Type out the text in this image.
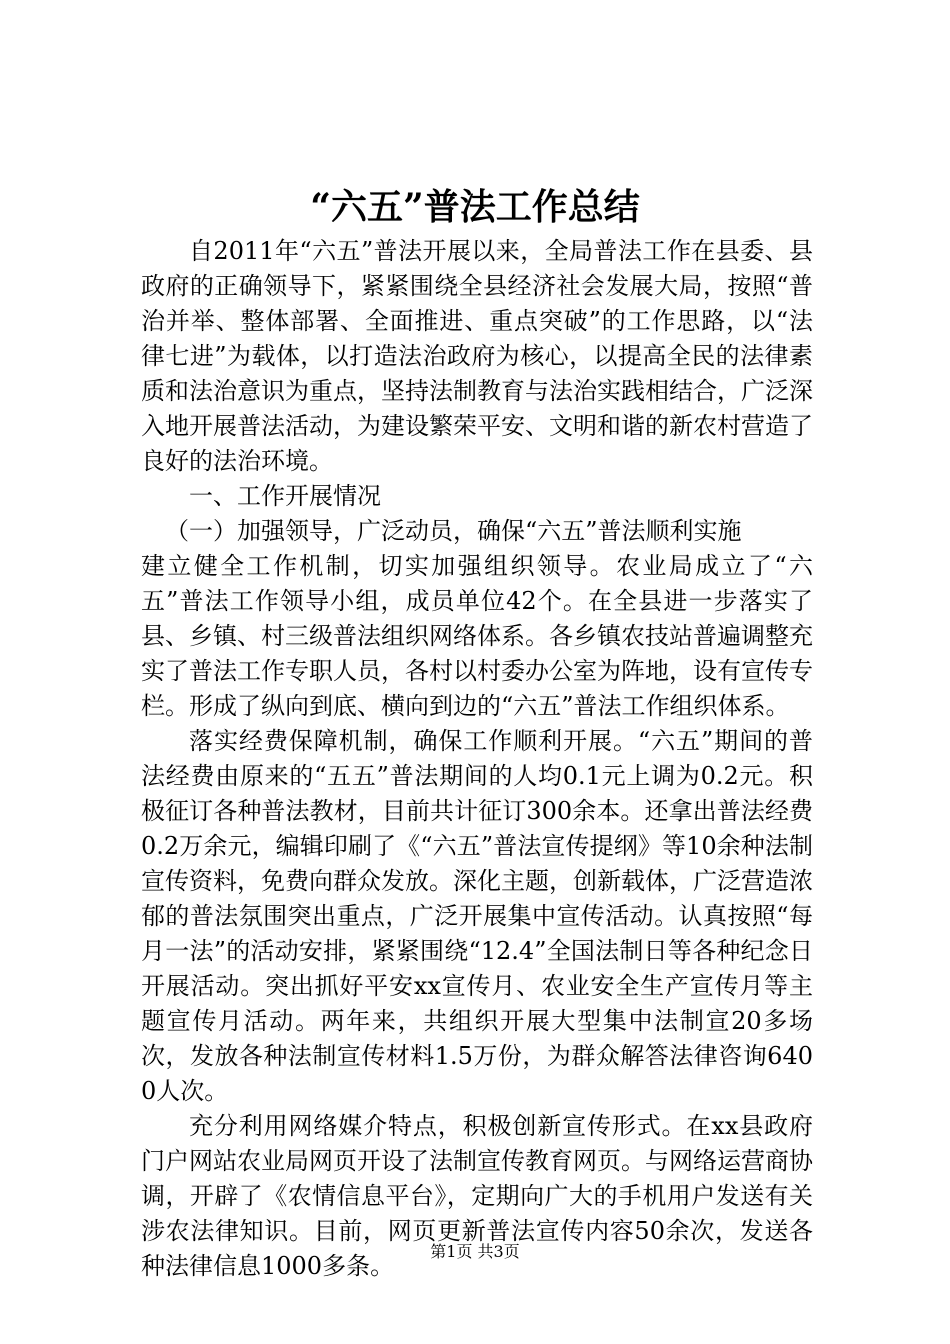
“六五”普法工作总结

自2011年“六五”普法开展以来，全局普法工作在县委、县政府的正确领导下，紧紧围绕全县经济社会发展大局，按照“普治并举、整体部署、全面推进、重点突破”的工作思路，以“法律七进”为载体，以打造法治政府为核心，以提高全民的法律素质和法治意识为重点，坚持法制教育与法治实践相结合，广泛深入地开展普法活动，为建设繁荣平安、文明和谐的新农村营造了良好的法治环境。

一、工作开展情况

（一）加强领导，广泛动员，确保“六五”普法顺利实施

建立健全工作机制，切实加强组织领导。农业局成立了“六五”普法工作领导小组，成员单位42个。在全县进一步落实了县、乡镇、村三级普法组织网络体系。各乡镇农技站普遍调整充实了普法工作专职人员，各村以村委办公室为阵地，设有宣传专栏。形成了纵向到底、横向到边的“六五”普法工作组织体系。

落实经费保障机制，确保工作顺利开展。“六五”期间的普法经费由原来的“五五”普法期间的人均0.1元上调为0.2元。积极征订各种普法教材，目前共计征订300余本。还拿出普法经费0.2万余元，编辑印刷了《“六五”普法宣传提纲》等10余种法制宣传资料，免费向群众发放。深化主题，创新载体，广泛营造浓郁的普法氛围突出重点，广泛开展集中宣传活动。认真按照“每月一法”的活动安排，紧紧围绕“12.4”全国法制日等各种纪念日开展活动。突出抓好平安xx宣传月、农业安全生产宣传月等主题宣传月活动。两年来，共组织开展大型集中法制宣20多场次，发放各种法制宣传材料1.5万份，为群众解答法律咨询6400人次。

充分利用网络媒介特点，积极创新宣传形式。在xx县政府门户网站农业局网页开设了法制宣传教育网页。与网络运营商协调，开辟了《农情信息平台》，定期向广大的手机用户发送有关涉农法律知识。目前，网页更新普法宣传内容50余次，发送各种法律信息1000多条。

第1页 共3页
